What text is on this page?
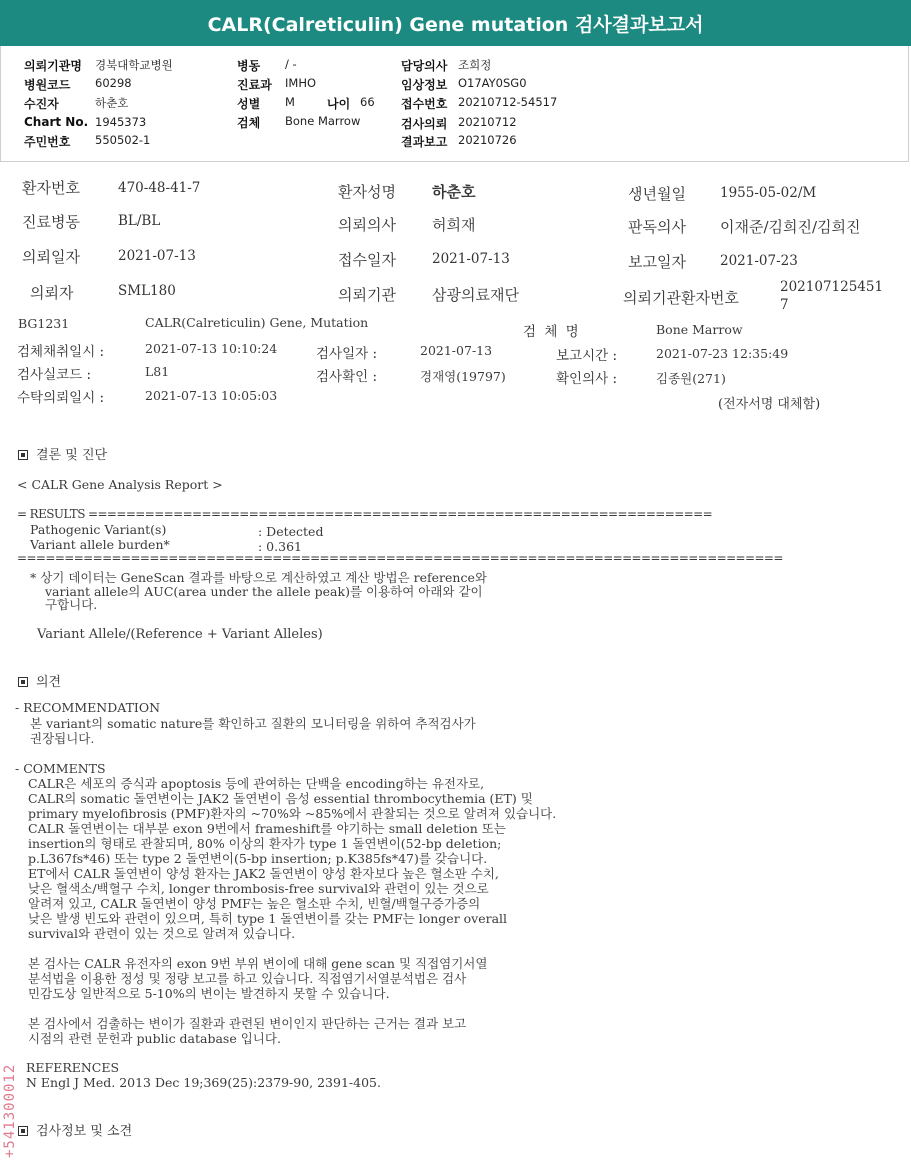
CALR(Calreticulin) Gene mutation 검사결과보고서
의뢰기관명 경북대학교병원
병원코드 60298
수진자	하춘호
Chart No. 1945373
주민번호 550502-1
병동 / -
진료과 IMHO
성별 M	나이 66
검체 Bone Marrow
담당의사 조희정
임상정보 O17AY0SG0
접수번호 20210712-54517
검사의뢰 20210712
결과보고 20210726
환자번호	470-48-41-7	환자성명 하춘호	생년월일	1955-05-02/M
진료병동	BL/BL	의뢰의사 허희재	판독의사 이재준/김희진/김희진
의뢰일자	2021-07-13	접수일자	2021-07-13	보고일자	2021-07-23
의뢰자	SML180	의뢰기관 삼광의료재단	의뢰기관환자번호
202107125451
7
BG1231	CALR(Calreticulin) Gene, Mutation
검 체 명	Bone Marrow
검체채취일시 :	2021-07-13 10:10:24	검사일자 :	2021-07-13	보고시간 :	2021-07-23 12:35:49
검사실코드 :	L81	검사확인 :	경재영(19797)	확인의사 :	김종원(271)
수탁의뢰일시 :	2021-07-13 10:05:03
(전자서명 대체함)
결론 및 진단
< CALR Gene Analysis Report >
= RESULTS ==================================================================
Pathogenic Variant(s)	: Detected
Variant allele burden*	: 0.361
=================================================================================
* 상기 데이터는 GeneScan 결과를 바탕으로 계산하였고 계산 방법은 reference와
variant allele의 AUC(area under the allele peak)를 이용하여 아래와 같이
구합니다.
Variant Allele/(Reference + Variant Alleles)
의견
- RECOMMENDATION
본 variant의 somatic nature를 확인하고 질환의 모니터링을 위하여 추적검사가
권장됩니다.
- COMMENTS
CALR은 세포의 증식과 apoptosis 등에 관여하는 단백을 encoding하는 유전자로,
CALR의 somatic 돌연변이는 JAK2 돌연변이 음성 essential thrombocythemia (ET) 및
primary myelofibrosis (PMF)환자의 ~70%와 ~85%에서 관찰되는 것으로 알려져 있습니다.
CALR 돌연변이는 대부분 exon 9번에서 frameshift를 야기하는 small deletion 또는
insertion의 형태로 관찰되며, 80% 이상의 환자가 type 1 돌연변이(52-bp deletion;
p.L367fs*46) 또는 type 2 돌연변이(5-bp insertion; p.K385fs*47)를 갖습니다.
ET에서 CALR 돌연변이 양성 환자는 JAK2 돌연변이 양성 환자보다 높은 혈소판 수치,
낮은 혈색소/백혈구 수치, longer thrombosis-free survival와 관련이 있는 것으로
알려져 있고, CALR 돌연변이 양성 PMF는 높은 혈소판 수치, 빈혈/백혈구증가증의
낮은 발생 빈도와 관련이 있으며, 특히 type 1 돌연변이를 갖는 PMF는 longer overall
survival와 관련이 있는 것으로 알려져 있습니다.
본 검사는 CALR 유전자의 exon 9번 부위 변이에 대해 gene scan 및 직접염기서열
분석법을 이용한 정성 및 정량 보고를 하고 있습니다. 직접염기서열분석법은 검사
민감도상 일반적으로 5-10%의 변이는 발견하지 못할 수 있습니다.
본 검사에서 검출하는 변이가 질환과 관련된 변이인지 판단하는 근거는 결과 보고
시점의 관련 문헌과 public database 입니다.
REFERENCES
N Engl J Med. 2013 Dec 19;369(25):2379-90, 2391-405.
검사정보 및 소견
+541300012
